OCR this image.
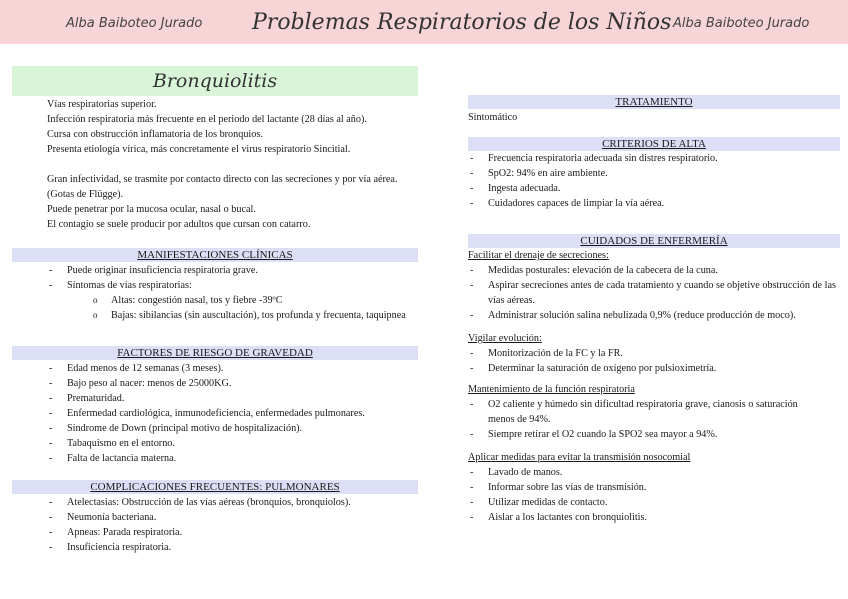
Alba Baiboteo Jurado Problemas Respiratorios de los Niños Alba Baiboteo Jurado
Bronquiolitis

Vías respiratorias superior.

Infección respiratoria más frecuente en el periodo del lactante (28 días al año).

Cursa con obstrucción inflamatoria de los bronquios.

Presenta etiología vírica, más concretamente el virus respiratorio Sincitial.

Gran infectividad, se trasmite por contacto directo con las secreciones y por vía aérea. (Gotas de Flügge).

Puede penetrar por la mucosa ocular, nasal o bucal.

El contagio se suele producir por adultos que cursan con catarro.

MANIFESTACIONES CLÍNICAS
- Puede originar insuficiencia respiratoria grave.
- Síntomas de vías respiratorias:
o Altas: congestión nasal, tos y fiebre -39ºC
o Bajas: sibilancias (sin auscultación), tos profunda y frecuenta, taquipnea
FACTORES DE RIESGO DE GRAVEDAD
- Edad menos de 12 semanas (3 meses).
- Bajo peso al nacer: menos de 25000KG.
- Prematuridad.
- Enfermedad cardiológica, inmunodeficiencia, enfermedades pulmonares.
- Síndrome de Down (principal motivo de hospitalización).
- Tabaquismo en el entorno.
- Falta de lactancia materna.
COMPLICACIONES FRECUENTES: PULMONARES
- Atelectasias: Obstrucción de las vías aéreas (bronquios, bronquiolos).
- Neumonía bacteriana.
- Apneas: Parada respiratoria.
- Insuficiencia respiratoria.
TRATAMIENTO

Sintomático

CRITERIOS DE ALTA
- Frecuencia respiratoria adecuada sin distres respiratorio.
- SpO2: 94% en aire ambiente.
- Ingesta adecuada.
- Cuidadores capaces de limpiar la vía aérea.
CUIDADOS DE ENFERMERÍA

Facilitar el drenaje de secreciones:

- Medidas posturales: elevación de la cabecera de la cuna.
- Aspirar secreciones antes de cada tratamiento y cuando se objetive obstrucción de las vías aéreas.
- Administrar solución salina nebulizada 0,9% (reduce producción de moco).

Vigilar evolución:

- Monitorización de la FC y la FR.
- Determinar la saturación de oxígeno por pulsioximetría.

Mantenimiento de la función respiratoria

- O2 caliente y húmedo sin dificultad respiratoria grave, cianosis o saturación
menos de 94%.
- Siempre retirar el O2 cuando la SPO2 sea mayor a 94%.

Aplicar medidas para evitar la transmisión nosocomial

- Lavado de manos.
- Informar sobre las vías de transmisión.
- Utilizar medidas de contacto.
- Aislar a los lactantes con bronquiolitis.
